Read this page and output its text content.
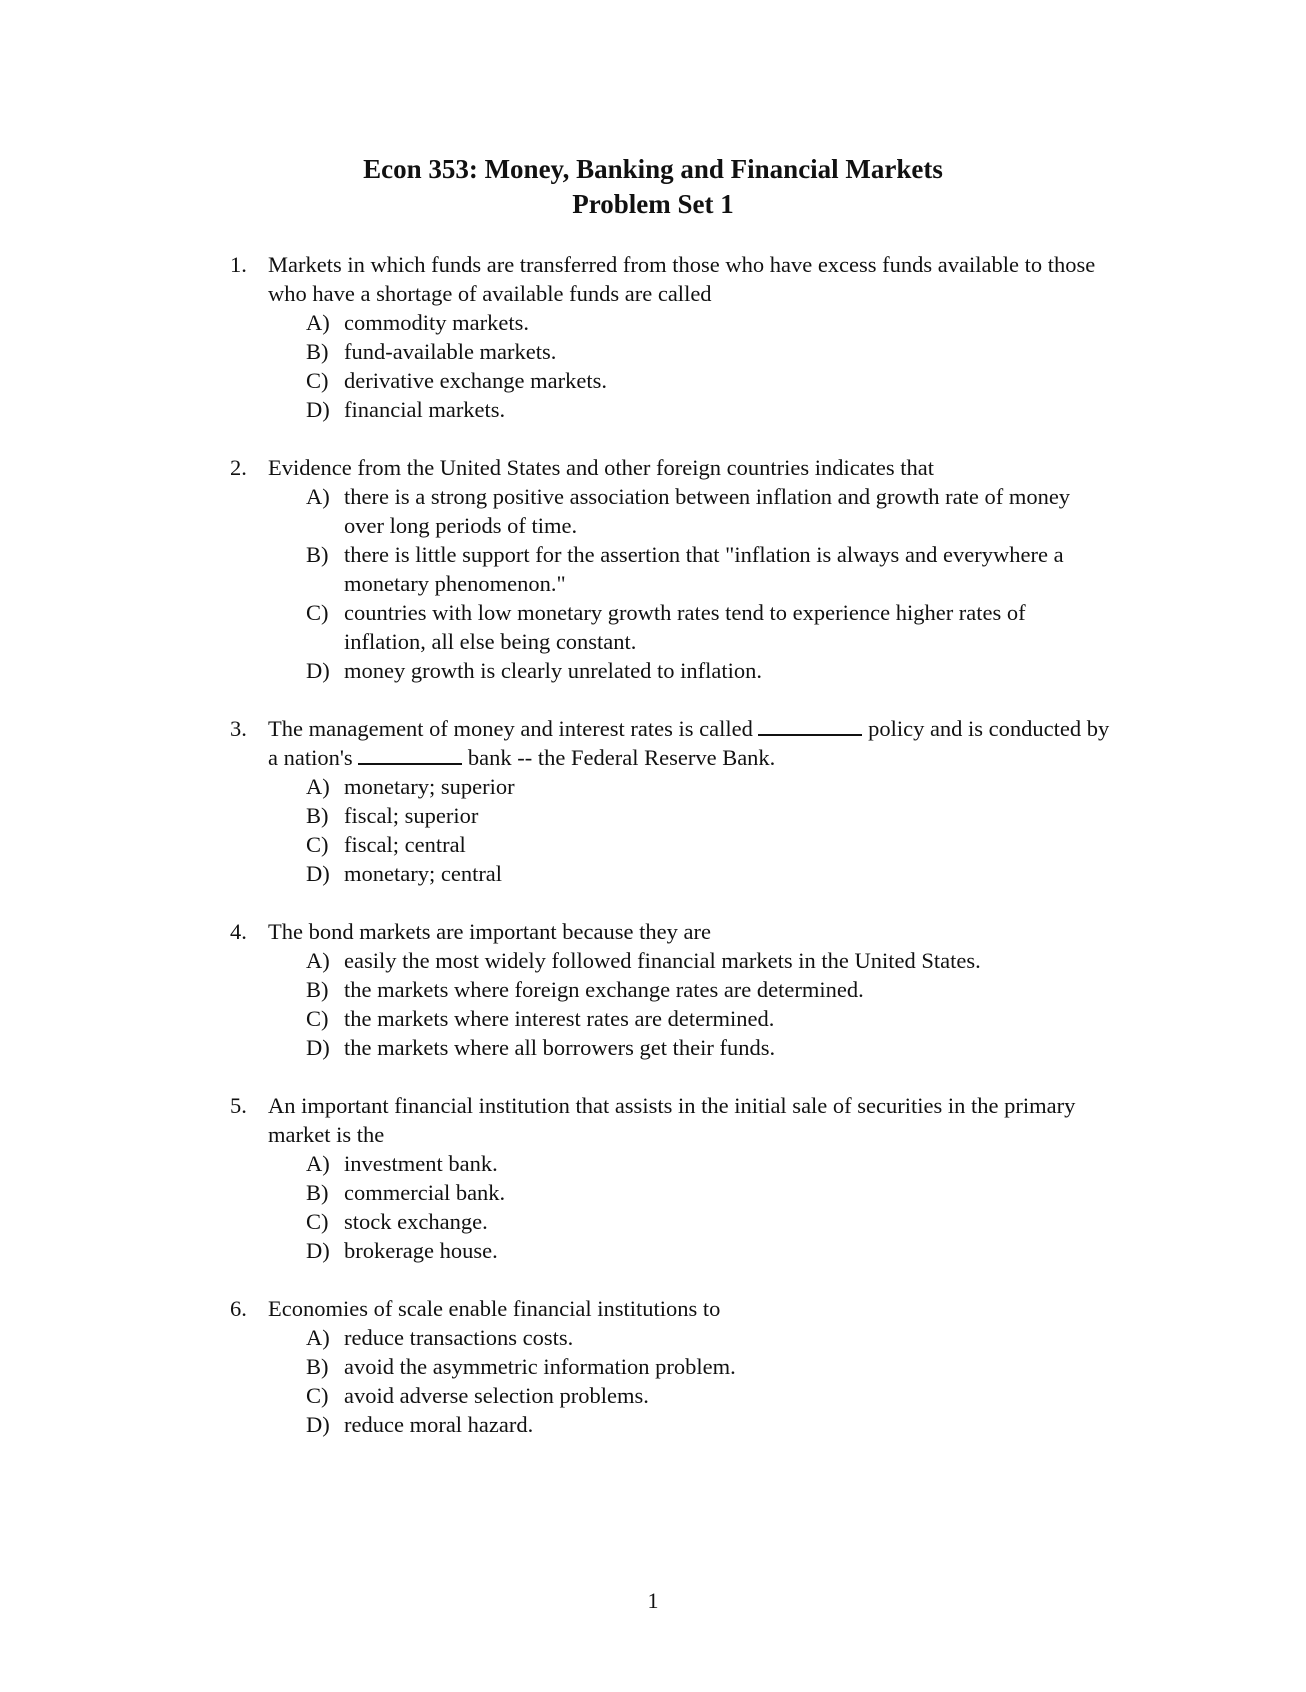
Econ 353: Money, Banking and Financial Markets
Problem Set 1
1. Markets in which funds are transferred from those who have excess funds available to those who have a shortage of available funds are called
A) commodity markets.
B) fund-available markets.
C) derivative exchange markets.
D) financial markets.
2. Evidence from the United States and other foreign countries indicates that
A) there is a strong positive association between inflation and growth rate of money over long periods of time.
B) there is little support for the assertion that "inflation is always and everywhere a monetary phenomenon."
C) countries with low monetary growth rates tend to experience higher rates of inflation, all else being constant.
D) money growth is clearly unrelated to inflation.
3. The management of money and interest rates is called	policy and is conducted by a nation's	bank -- the Federal Reserve Bank.
A) monetary; superior
B) fiscal; superior
C) fiscal; central
D) monetary; central
4. The bond markets are important because they are
A) easily the most widely followed financial markets in the United States.
B) the markets where foreign exchange rates are determined.
C) the markets where interest rates are determined.
D) the markets where all borrowers get their funds.
5. An important financial institution that assists in the initial sale of securities in the primary market is the
A) investment bank.
B) commercial bank.
C) stock exchange.
D) brokerage house.
6. Economies of scale enable financial institutions to
A) reduce transactions costs.
B) avoid the asymmetric information problem.
C) avoid adverse selection problems.
D) reduce moral hazard.
1
